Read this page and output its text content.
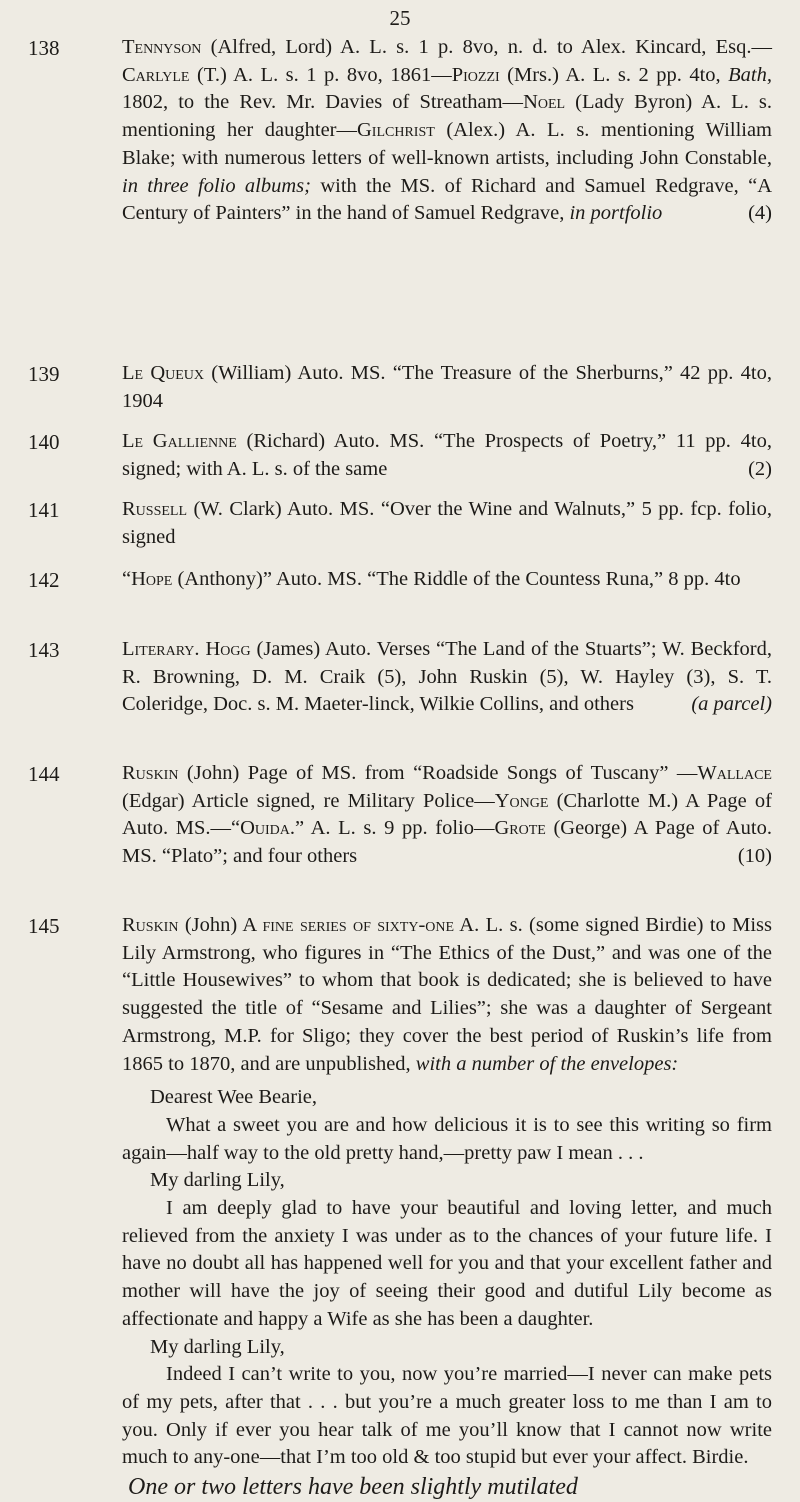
25
138	Tennyson (Alfred, Lord) A. L. s. 1 p. 8vo, n. d. to Alex. Kincard, Esq.—Carlyle (T.) A. L. s. 1 p. 8vo, 1861—Piozzi (Mrs.) A. L. s. 2 pp. 4to, Bath, 1802, to the Rev. Mr. Davies of Streatham—Noel (Lady Byron) A. L. s. mentioning her daughter—Gilchrist (Alex.) A. L. s. mentioning William Blake; with numerous letters of well-known artists, including John Constable, in three folio albums; with the MS. of Richard and Samuel Redgrave, “A Century of Painters” in the hand of Samuel Redgrave, in portfolio	(4)
139	Le Queux (William) Auto. MS. “The Treasure of the Sherburns,” 42 pp. 4to, 1904
140	Le Gallienne (Richard) Auto. MS. “The Prospects of Poetry,” 11 pp. 4to, signed; with A. L. s. of the same	(2)
141	Russell (W. Clark) Auto. MS. “Over the Wine and Walnuts,” 5 pp. fcp. folio, signed
142	“Hope (Anthony)” Auto. MS. “The Riddle of the Countess Runa,” 8 pp. 4to
143	Literary. Hogg (James) Auto. Verses “The Land of the Stuarts”; W. Beckford, R. Browning, D. M. Craik (5), John Ruskin (5), W. Hayley (3), S. T. Coleridge, Doc. s. M. Maeter-linck, Wilkie Collins, and others	(a parcel)
144	Ruskin (John) Page of MS. from “Roadside Songs of Tuscany” —Wallace (Edgar) Article signed, re Military Police—Yonge (Charlotte M.) A Page of Auto. MS.—“Ouida.” A. L. s. 9 pp. folio—Grote (George) A Page of Auto. MS. “Plato”; and four others	(10)
145	Ruskin (John) A fine series of sixty-one A. L. s. (some signed Birdie) to Miss Lily Armstrong, who figures in “The Ethics of the Dust,” and was one of the “Little Housewives” to whom that book is dedicated; she is believed to have suggested the title of “Sesame and Lilies”; she was a daughter of Sergeant Armstrong, M.P. for Sligo; they cover the best period of Ruskin’s life from 1865 to 1870, and are unpublished, with a number of the envelopes:
Dearest Wee Bearie,
What a sweet you are and how delicious it is to see this writing so firm again—half way to the old pretty hand,—pretty paw I mean . . .
My darling Lily,
I am deeply glad to have your beautiful and loving letter, and much relieved from the anxiety I was under as to the chances of your future life. I have no doubt all has happened well for you and that your excellent father and mother will have the joy of seeing their good and dutiful Lily become as affectionate and happy a Wife as she has been a daughter.
My darling Lily,
Indeed I can’t write to you, now you’re married—I never can make pets of my pets, after that . . . but you’re a much greater loss to me than I am to you. Only if ever you hear talk of me you’ll know that I cannot now write much to any-one—that I’m too old & too stupid but ever your affect. Birdie.
One or two letters have been slightly mutilated
